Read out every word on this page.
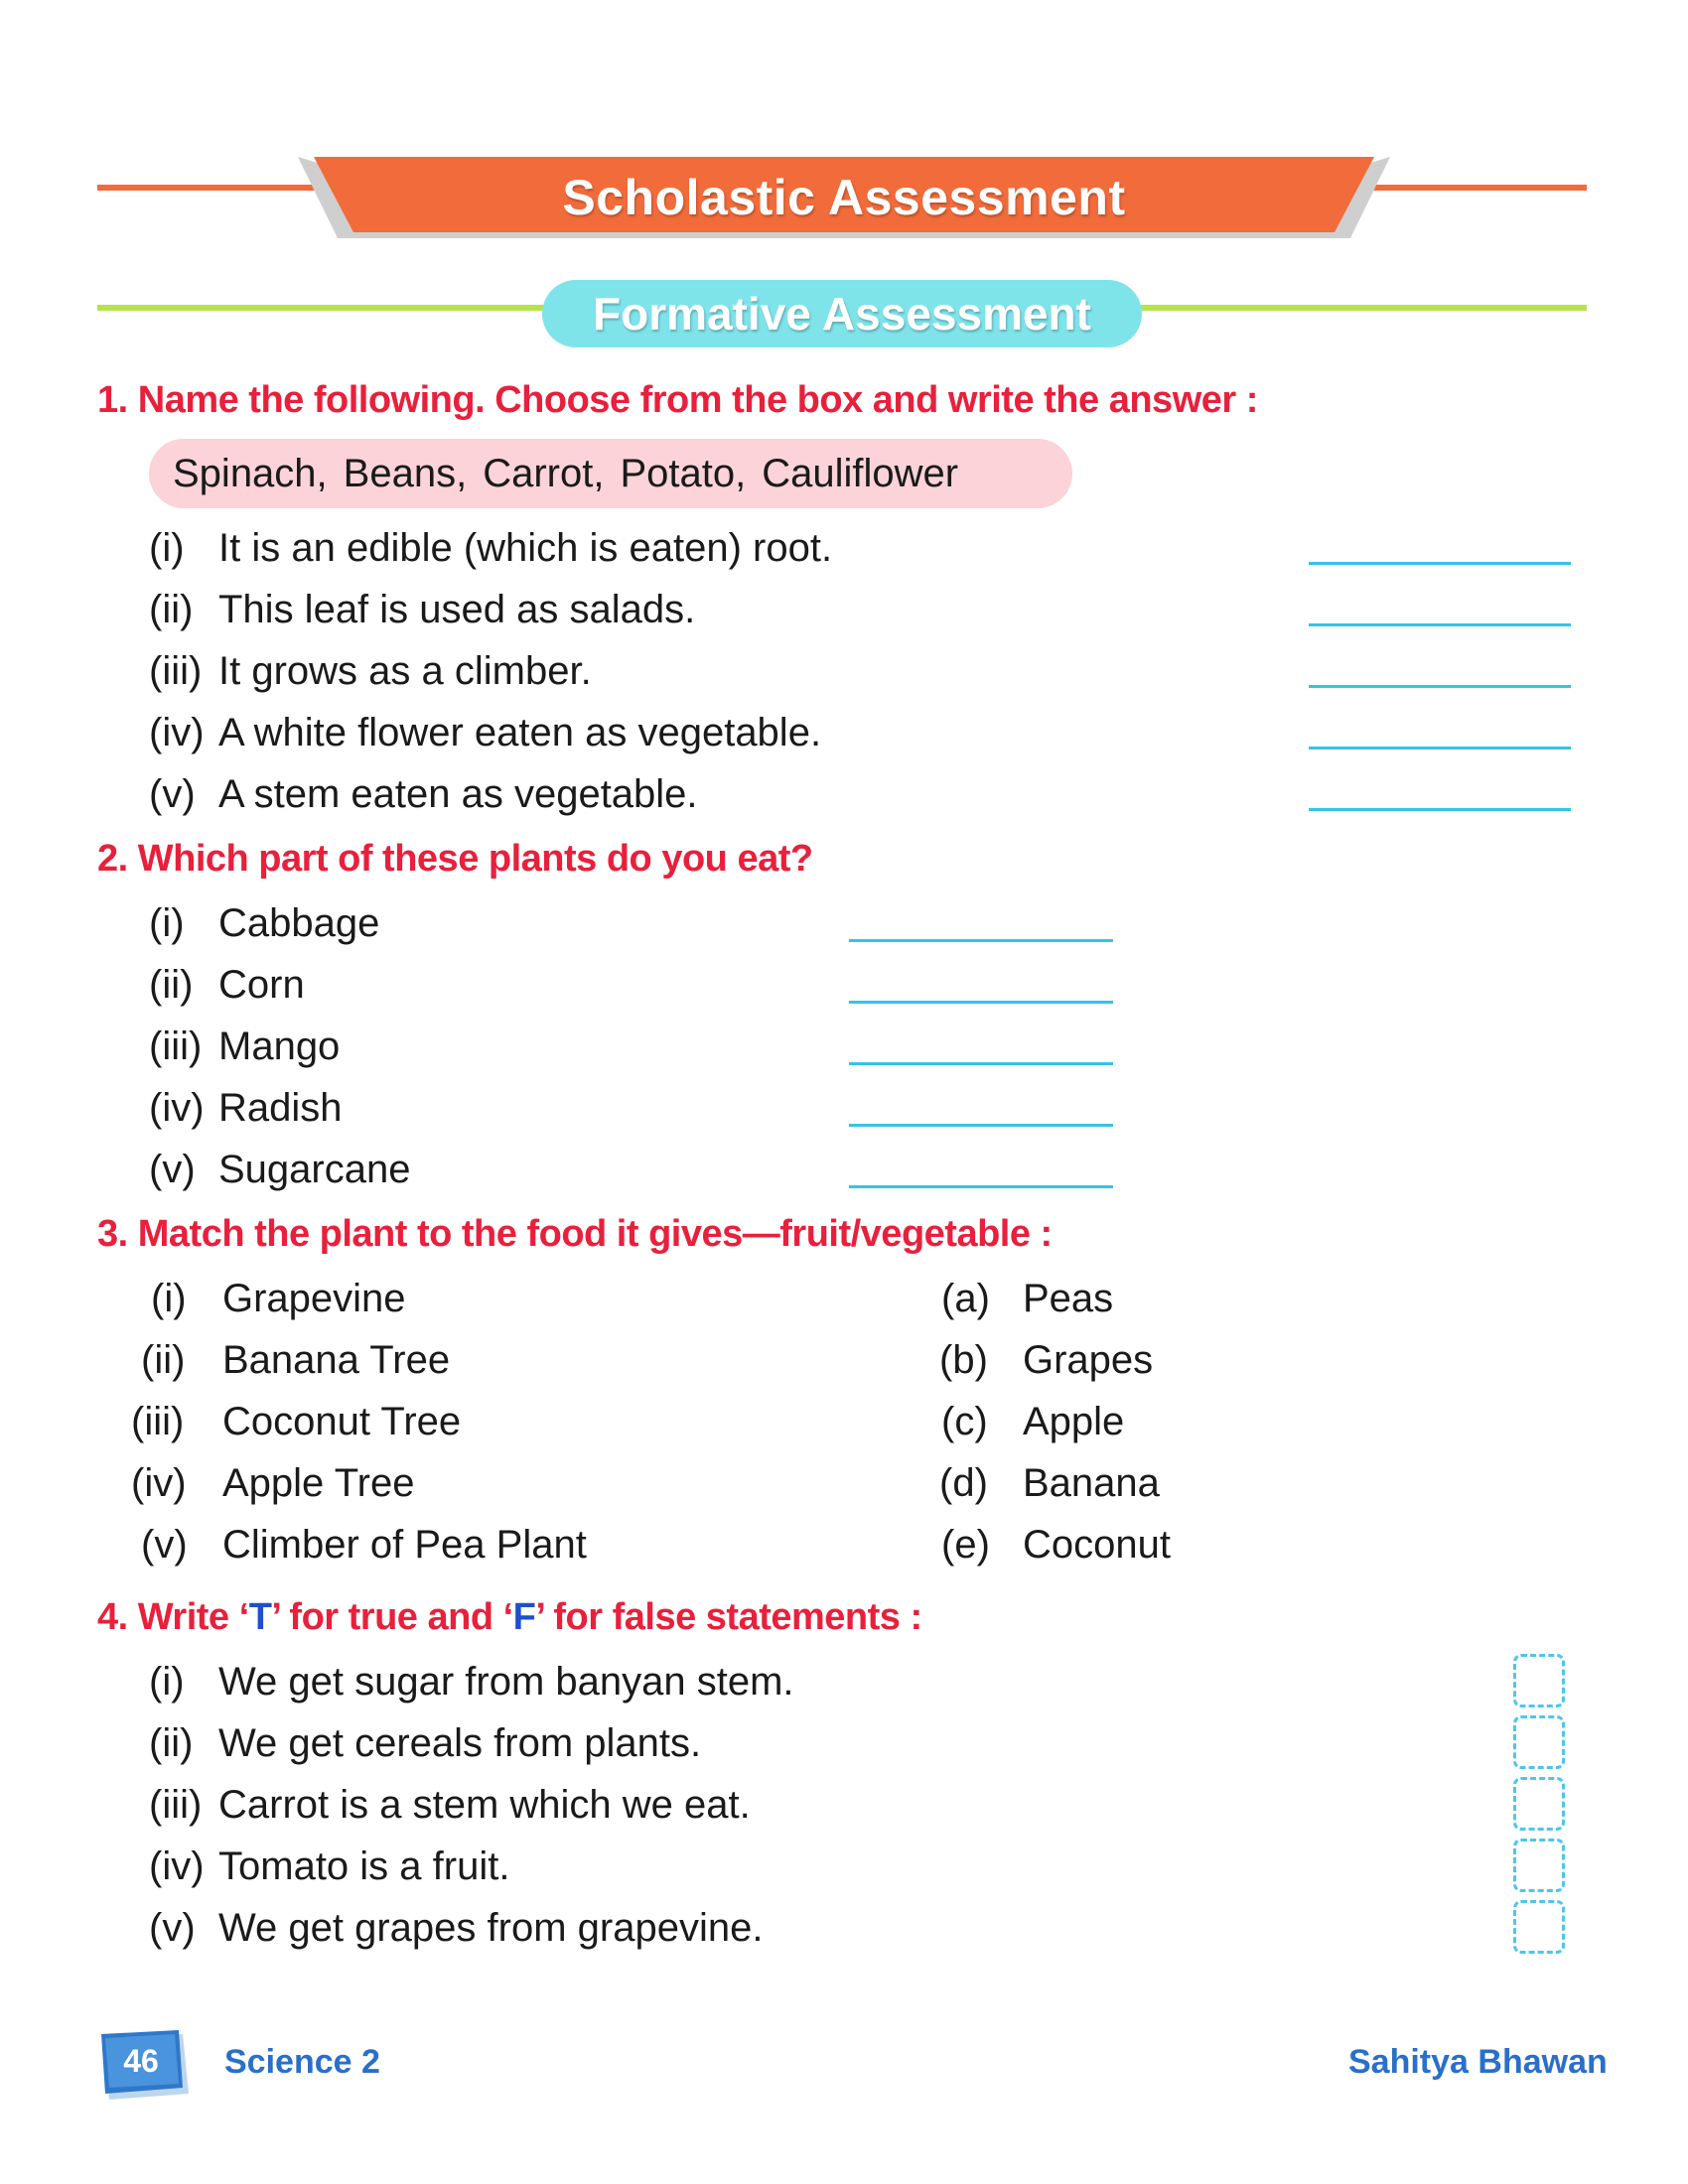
Scholastic Assessment
Formative Assessment
1. Name the following. Choose from the box and write the answer :
Spinach, Beans, Carrot, Potato, Cauliflower
(i) It is an edible (which is eaten) root.
(ii) This leaf is used as salads.
(iii) It grows as a climber.
(iv) A white flower eaten as vegetable.
(v) A stem eaten as vegetable.
2. Which part of these plants do you eat?
(i) Cabbage
(ii) Corn
(iii) Mango
(iv) Radish
(v) Sugarcane
3. Match the plant to the food it gives—fruit/vegetable :
(i) Grapevine	(a) Peas
(ii) Banana Tree	(b) Grapes
(iii) Coconut Tree	(c) Apple
(iv) Apple Tree	(d) Banana
(v) Climber of Pea Plant	(e) Coconut
4. Write ‘T’ for true and ‘F’ for false statements :
(i) We get sugar from banyan stem.
(ii) We get cereals from plants.
(iii) Carrot is a stem which we eat.
(iv) Tomato is a fruit.
(v) We get grapes from grapevine.
46	Science 2	Sahitya Bhawan
